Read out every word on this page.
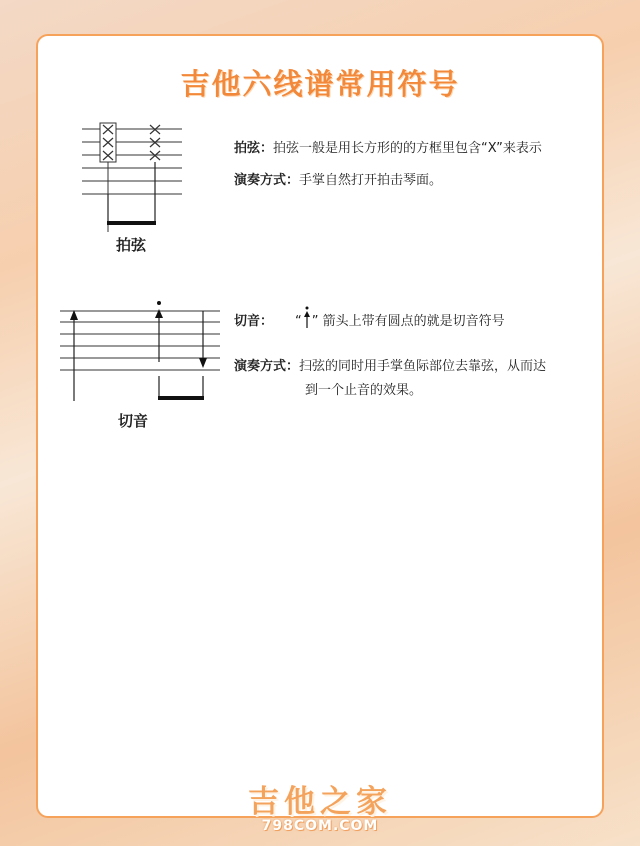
吉他六线谱常用符号
拍弦
拍弦：拍弦一般是用长方形的的方框里包含“X”来表示
演奏方式：手掌自然打开拍击琴面。
切音
切音： “ ” 箭头上带有圆点的就是切音符号
演奏方式：扫弦的同时用手掌鱼际部位去靠弦，从而达
到一个止音的效果。
吉他之家
798COM.COM
